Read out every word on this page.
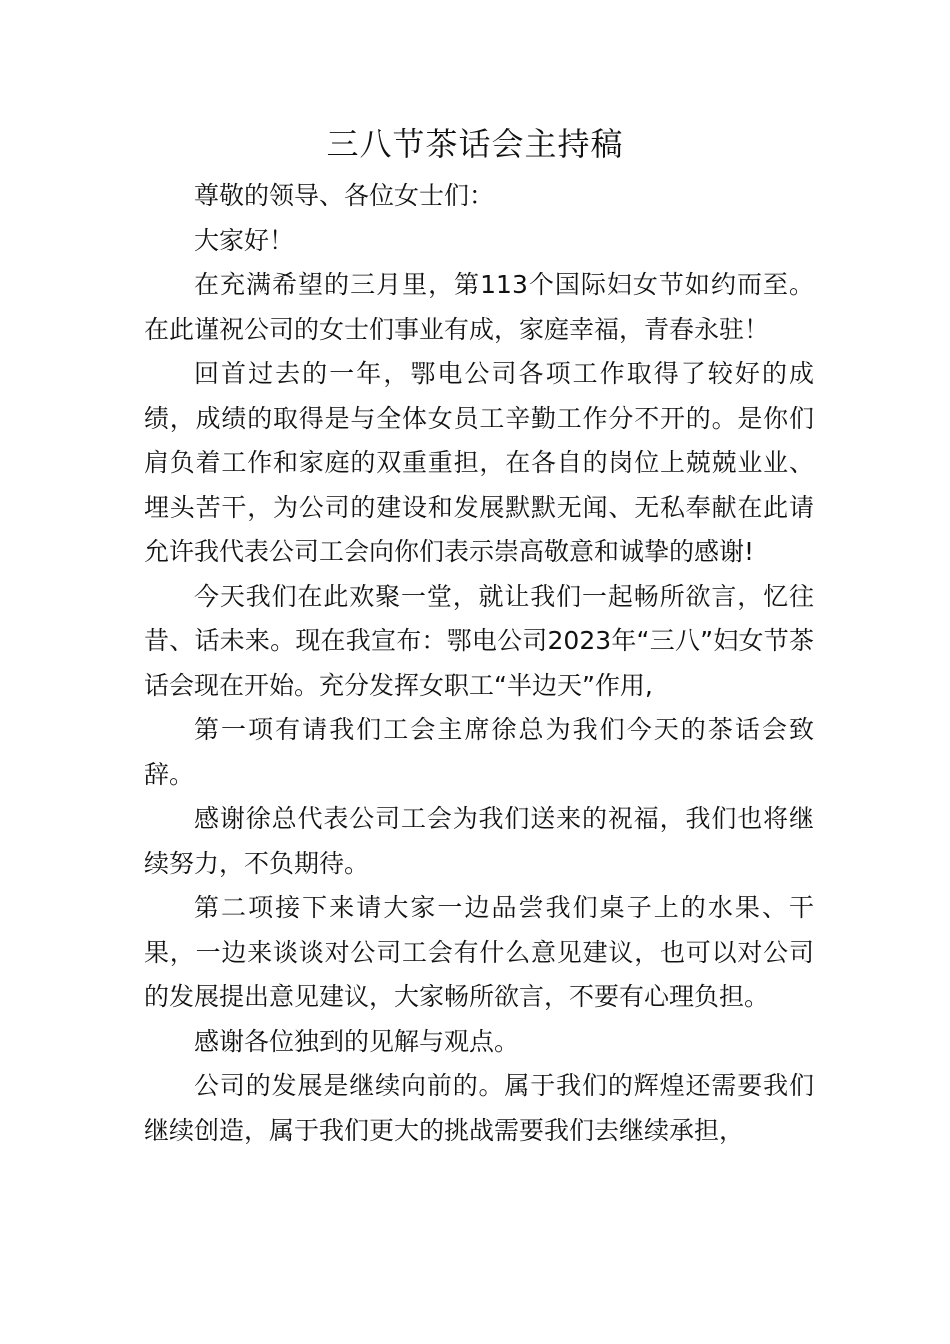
三八节茶话会主持稿

尊敬的领导、各位女士们：

大家好！

在充满希望的三月里，第113个国际妇女节如约而至。在此谨祝公司的女士们事业有成，家庭幸福，青春永驻！

回首过去的一年，鄂电公司各项工作取得了较好的成绩，成绩的取得是与全体女员工辛勤工作分不开的。是你们肩负着工作和家庭的双重重担，在各自的岗位上兢兢业业、埋头苦干，为公司的建设和发展默默无闻、无私奉献在此请允许我代表公司工会向你们表示崇高敬意和诚挚的感谢!

今天我们在此欢聚一堂，就让我们一起畅所欲言，忆往昔、话未来。现在我宣布：鄂电公司2023年“三八”妇女节茶话会现在开始。充分发挥女职工“半边天”作用,

第一项有请我们工会主席徐总为我们今天的茶话会致辞。

感谢徐总代表公司工会为我们送来的祝福，我们也将继续努力，不负期待。

第二项接下来请大家一边品尝我们桌子上的水果、干果，一边来谈谈对公司工会有什么意见建议，也可以对公司的发展提出意见建议，大家畅所欲言，不要有心理负担。

感谢各位独到的见解与观点。

公司的发展是继续向前的。属于我们的辉煌还需要我们继续创造，属于我们更大的挑战需要我们去继续承担，
